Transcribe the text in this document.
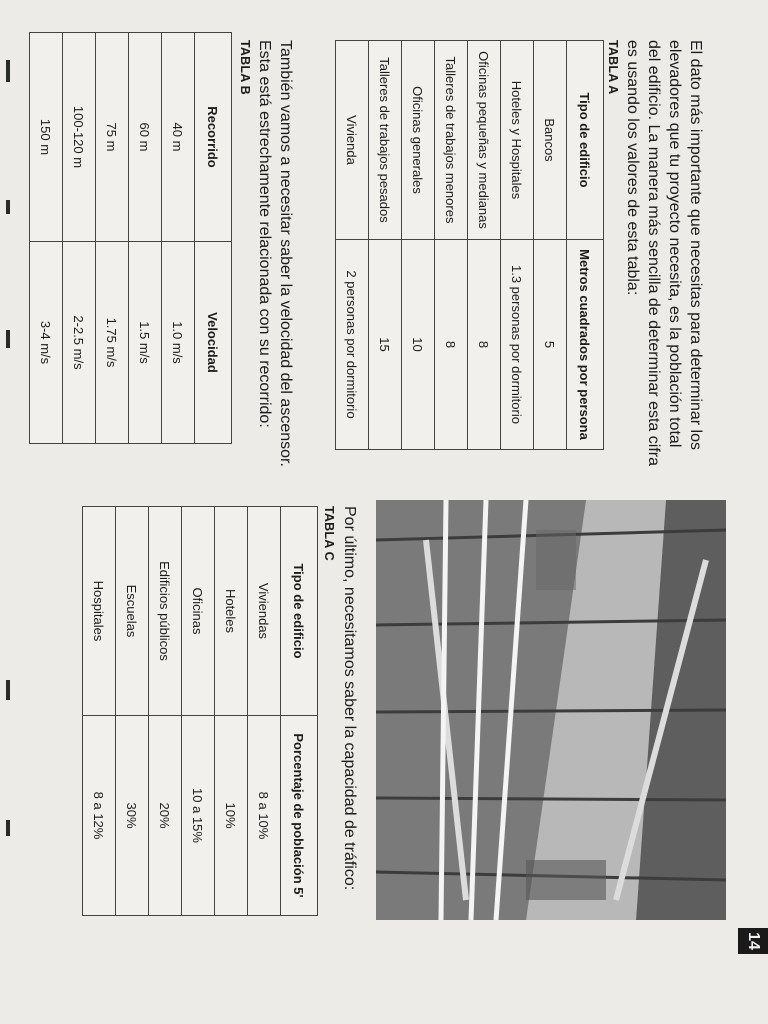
El dato más importante que necesitas para determinar los
elevadores que tu proyecto necesita, es la población total
del edificio. La manera más sencilla de determinar esta cifra
es usando los valores de esta tabla:
TABLA A
Tipo de edificio	Metros cuadrados por persona
Bancos	5
Hoteles y Hospitales	1.3 personas por dormitorio
Oficinas pequeñas y medianas	8
Talleres de trabajos menores	8
Oficinas generales	10
Talleres de trabajos pesados	15
Vivienda	2 personas por dormitorio
También vamos a necesitar saber la velocidad del ascensor.
Esta está estrechamente relacionada con su recorrido:
TABLA B
Recorrido	Velocidad
40 m	1.0 m/s
60 m	1.5 m/s
75 m	1.75 m/s
100-120 m	2-2.5 m/s
150 m	3-4 m/s
Por último, necesitamos saber la capacidad de tráfico:
TABLA C
Tipo de edificio	Porcentaje de población 5'
Viviendas	8 a 10%
Hoteles	10%
Oficinas	10 a 15%
Edificios públicos	20%
Escuelas	30%
Hospitales	8 a 12%
14
